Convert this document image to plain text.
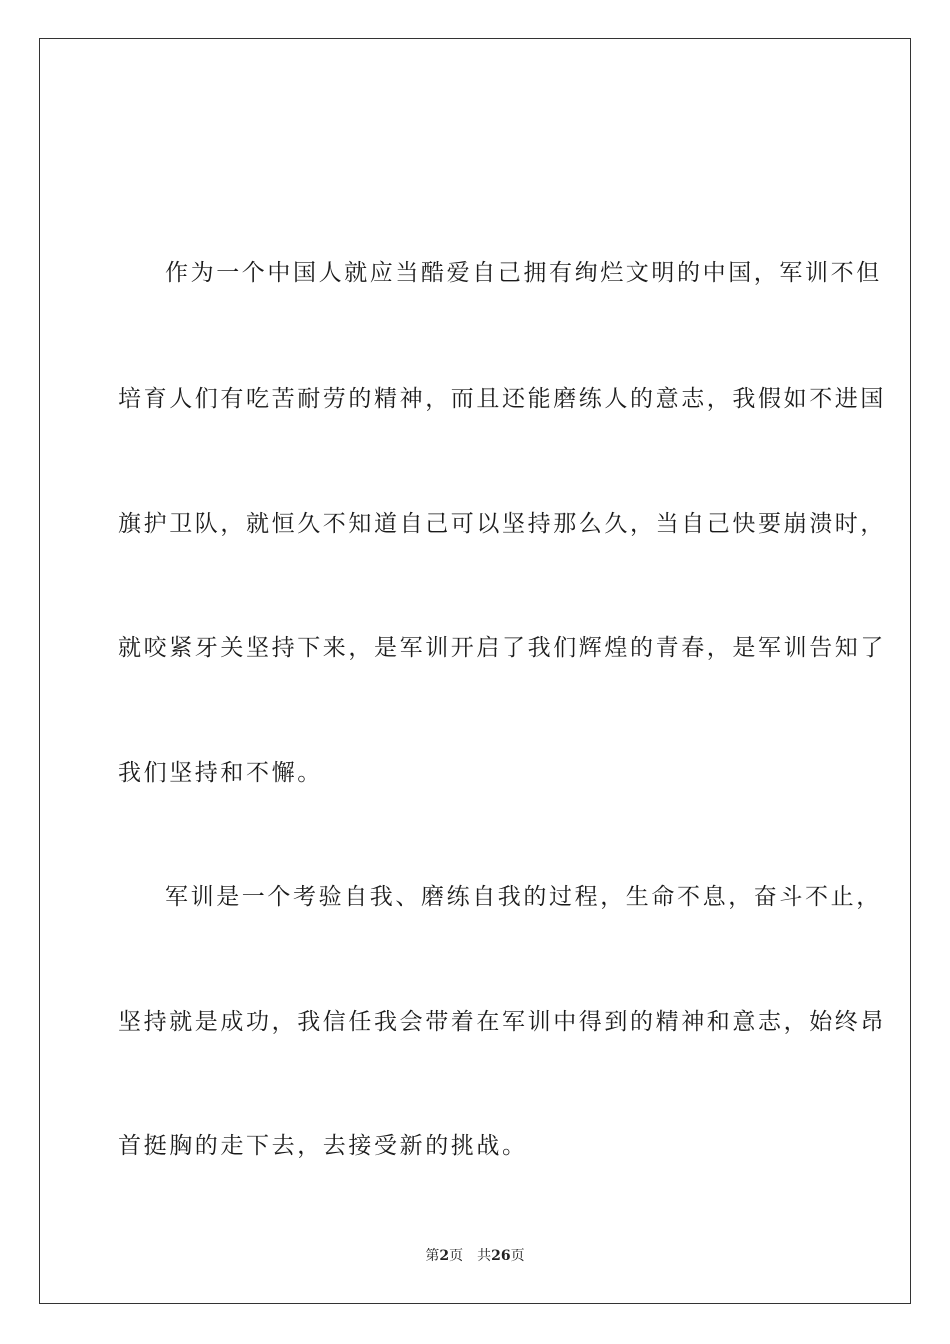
作为一个中国人就应当酷爱自己拥有绚烂文明的中国，军训不但
培育人们有吃苦耐劳的精神，而且还能磨练人的意志，我假如不进国
旗护卫队，就恒久不知道自己可以坚持那么久，当自己快要崩溃时，
就咬紧牙关坚持下来，是军训开启了我们辉煌的青春，是军训告知了
我们坚持和不懈。
军训是一个考验自我、磨练自我的过程，生命不息，奋斗不止，
坚持就是成功，我信任我会带着在军训中得到的精神和意志，始终昂
首挺胸的走下去，去接受新的挑战。
第2页 共26页
